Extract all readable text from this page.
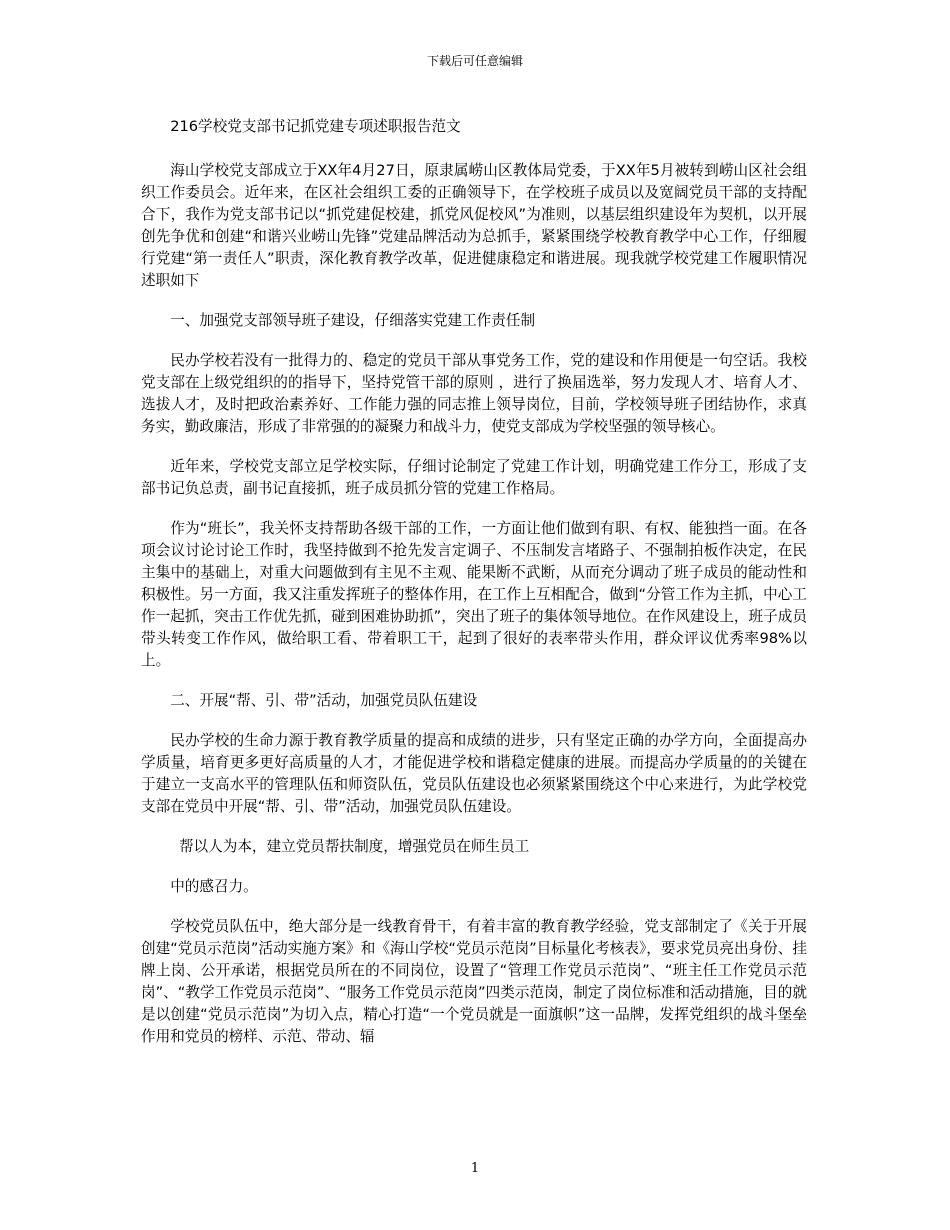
下载后可任意编辑

216学校党支部书记抓党建专项述职报告范文

海山学校党支部成立于XX年4月27日，原隶属崂山区教体局党委，于XX年5月被转到崂山区社会组织工作委员会。近年来，在区社会组织工委的正确领导下，在学校班子成员以及宽阔党员干部的支持配合下，我作为党支部书记以“抓党建促校建，抓党风促校风”为准则，以基层组织建设年为契机，以开展创先争优和创建“和谐兴业崂山先锋”党建品牌活动为总抓手，紧紧围绕学校教育教学中心工作，仔细履行党建“第一责任人”职责，深化教育教学改革，促进健康稳定和谐进展。现我就学校党建工作履职情况述职如下

一、加强党支部领导班子建设，仔细落实党建工作责任制

民办学校若没有一批得力的、稳定的党员干部从事党务工作，党的建设和作用便是一句空话。我校党支部在上级党组织的的指导下，坚持党管干部的原则 ，进行了换届选举，努力发现人才、培育人才、选拔人才，及时把政治素养好、工作能力强的同志推上领导岗位，目前，学校领导班子团结协作，求真务实，勤政廉洁，形成了非常强的的凝聚力和战斗力，使党支部成为学校坚强的领导核心。

近年来，学校党支部立足学校实际，仔细讨论制定了党建工作计划，明确党建工作分工，形成了支部书记负总责，副书记直接抓，班子成员抓分管的党建工作格局。

作为“班长”，我关怀支持帮助各级干部的工作，一方面让他们做到有职、有权、能独挡一面。在各项会议讨论讨论工作时，我坚持做到不抢先发言定调子、不压制发言堵路子、不强制拍板作决定，在民主集中的基础上，对重大问题做到有主见不主观、能果断不武断，从而充分调动了班子成员的能动性和积极性。另一方面，我又注重发挥班子的整体作用，在工作上互相配合，做到“分管工作为主抓，中心工作一起抓，突击工作优先抓，碰到困难协助抓”，突出了班子的集体领导地位。在作风建设上，班子成员带头转变工作作风，做给职工看、带着职工干，起到了很好的表率带头作用，群众评议优秀率98%以上。

二、开展“帮、引、带”活动，加强党员队伍建设

民办学校的生命力源于教育教学质量的提高和成绩的进步，只有坚定正确的办学方向，全面提高办学质量，培育更多更好高质量的人才，才能促进学校和谐稳定健康的进展。而提高办学质量的的关键在于建立一支高水平的管理队伍和师资队伍，党员队伍建设也必须紧紧围绕这个中心来进行，为此学校党支部在党员中开展“帮、引、带”活动，加强党员队伍建设。

帮以人为本，建立党员帮扶制度，增强党员在师生员工

中的感召力。

学校党员队伍中，绝大部分是一线教育骨干，有着丰富的教育教学经验，党支部制定了《关于开展创建“党员示范岗”活动实施方案》和《海山学校“党员示范岗”目标量化考核表》，要求党员亮出身份、挂牌上岗、公开承诺，根据党员所在的不同岗位，设置了“管理工作党员示范岗”、“班主任工作党员示范岗”、“教学工作党员示范岗”、“服务工作党员示范岗”四类示范岗，制定了岗位标准和活动措施，目的就是以创建“党员示范岗”为切入点，精心打造“一个党员就是一面旗帜”这一品牌，发挥党组织的战斗堡垒作用和党员的榜样、示范、带动、辐

1
